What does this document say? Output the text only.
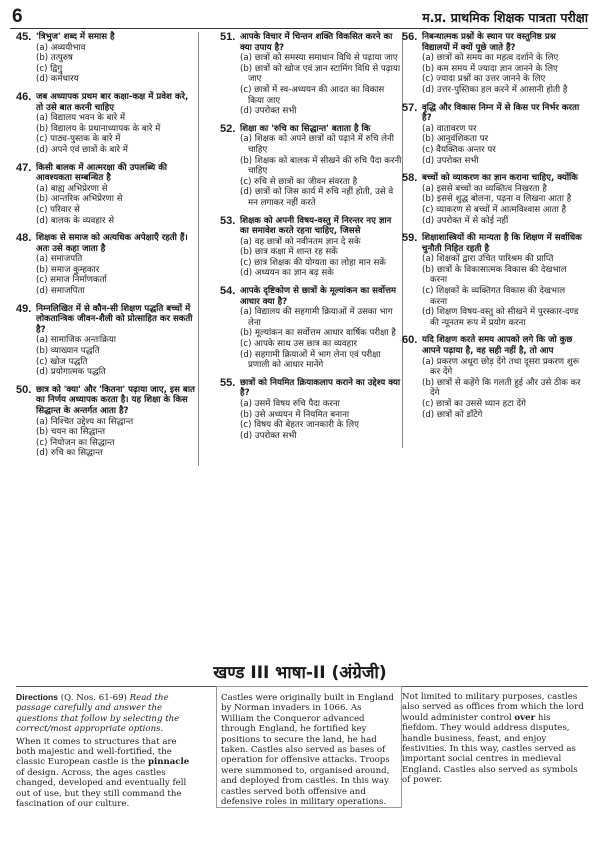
6	म.प्र. प्राथमिक शिक्षक पात्रता परीक्षा
45. 'त्रिभुज' शब्द में समास है
(a) अव्ययीभाव
(b) तत्पुरुष
(c) द्विगु
(d) कर्मधारय
46. जब अध्यापक प्रथम बार कक्षा-कक्ष में प्रवेश करे, तो उसे बात करनी चाहिए
(a) विद्यालय भवन के बारे में
(b) विद्यालय के प्रधानाध्यापक के बारे में
(c) पाठ्य-पुस्तक के बारे में
(d) अपने एवं छात्रों के बारे में
47. किसी बालक में आत्मरक्षा की उपलब्धि की आवश्यकता सम्बन्धित है
(a) बाह्य अभिप्रेरणा से
(b) आन्तरिक अभिप्रेरणा से
(c) परिवार से
(d) बालक के व्यवहार से
48. शिक्षक से समाज को अत्यधिक अपेक्षाएँ रहती हैं। अतः उसे कहा जाता है
(a) समाजपति
(b) समाज कुम्हकार
(c) समाज निर्माणकर्ता
(d) समाजपिता
49. निम्नलिखित में से कौन-सी शिक्षण पद्धति बच्चों में लोकतान्त्रिक जीवन-शैली को प्रोत्साहित कर सकती है?
(a) सामाजिक अन्तःक्रिया
(b) व्याख्यान पद्धति
(c) खोज पद्धति
(d) प्रयोगात्मक पद्धति
50. छात्र को 'क्या' और 'कितना' पढ़ाया जाए, इस बात का निर्णय अध्यापक करता है। यह शिक्षा के किस सिद्धान्त के अन्तर्गत आता है?
(a) निश्चित उद्देश्य का सिद्धान्त
(b) चयन का सिद्धान्त
(c) नियोजन का सिद्धान्त
(d) रुचि का सिद्धान्त
51. आपके विचार में चिन्तन शक्ति विकसित करने का क्या उपाय है?
(a) छात्रों को समस्या समाधान विधि से पढ़ाया जाए
(b) छात्रों को खोज एवं ज्ञान स्टामिंग विधि से पढ़ाया जाए
(c) छात्रों में स्व-अध्ययन की आदत का विकास किया जाए
(d) उपरोक्त सभी
52. शिक्षा का 'रुचि का सिद्धान्त' बताता है कि
(a) शिक्षक को अपने छात्रों को पढ़ाने में रुचि लेनी चाहिए
(b) शिक्षक को बालक में सीखने की रुचि पैदा करनी चाहिए
(c) रुचि से छात्रों का जीवन संवरता है
(d) छात्रों को जिस कार्य में रुचि नहीं होती, उसे वे मन लगाकर नहीं करते
53. शिक्षक को अपनी विषय-वस्तु में निरन्तर नए ज्ञान का समावेश करते रहना चाहिए, जिससे
(a) वह छात्रों को नवीनतम ज्ञान दे सके
(b) छात्र कक्षा में शान्त रह सकें
(c) छात्र शिक्षक की योग्यता का लोहा मान सकें
(d) अध्ययन का ज्ञान बढ़ सके
54. आपके दृष्टिकोण से छात्रों के मूल्यांकन का सर्वोत्तम आधार क्या है?
(a) विद्यालय की सहगामी क्रियाओं में उसका भाग लेना
(b) मूल्यांकन का सर्वोत्तम आधार वार्षिक परीक्षा है
(c) आपके साथ उस छात्र का व्यवहार
(d) सहगामी क्रियाओं में भाग लेना एवं परीक्षा प्रणाली को आधार मानेंगे
55. छात्रों को नियमित क्रियाकलाप कराने का उद्देश्य क्या है?
(a) उसमें विषय रुचि पैदा करना
(b) उसे अध्ययन में नियमित बनाना
(c) विषय की बेहतर जानकारी के लिए
(d) उपरोक्त सभी
56. निबन्धात्मक प्रश्नों के स्थान पर वस्तुनिष्ठ प्रश्न विद्यालयों में क्यों पूछे जाते हैं?
(a) छात्रों को समय का महत्व दर्शाने के लिए
(b) कम समय में ज्यादा ज्ञान जानने के लिए
(c) ज्यादा प्रश्नों का उत्तर जानने के लिए
(d) उत्तर-पुस्तिका हल करने में आसानी होती है
57. वृद्धि और विकास निम्न में से किस पर निर्भर करता है?
(a) वातावरण पर
(b) आनुवंशिकता पर
(c) वैयक्तिक अन्तर पर
(d) उपरोक्त सभी
58. बच्चों को व्याकरण का ज्ञान कराना चाहिए, क्योंकि
(a) इससे बच्चों का व्यक्तित्व निखरता है
(b) इससे शुद्ध बोलना, पढ़ना व लिखना आता है
(c) व्याकरण से बच्चों में आत्मविश्वास आता है
(d) उपरोक्त में से कोई नहीं
59. शिक्षाशास्त्रियों की मान्यता है कि शिक्षण में सर्वाधिक चुनौती निहित रहती है
(a) शिक्षकों द्वारा उचित पारिश्रम की प्राप्ति
(b) छात्रों के विकासात्मक विकास की देखभाल करना
(c) शिक्षकों के व्यक्तिगत विकास की देखभाल करना
(d) शिक्षण विषय-वस्तु को सीखने में पुरस्कार-दण्ड की न्यूनतम रूप में प्रयोग करना
60. यदि शिक्षण करते समय आपको लगे कि जो कुछ आपने पढ़ाया है, वह सही नहीं है, तो आप
(a) प्रकरण अधूरा छोड़ देंगे तथा दूसरा प्रकरण शुरू कर देंगे
(b) छात्रों से कहेंगे कि गलती हुई और उसे ठीक कर देंगे
(c) छात्रों का उससे ध्यान हटा देंगे
(d) छात्रों को डाँटेंगे
खण्ड III भाषा-II (अंग्रेजी)
Directions (Q. Nos. 61-69) Read the passage carefully and answer the questions that follow by selecting the correct/most appropriate options.
When it comes to structures that are both majestic and well-fortified, the classic European castle is the pinnacle of design. Across, the ages castles changed, developed and eventually fell out of use, but they still command the fascination of our culture.
Castles were originally built in England by Norman invaders in 1066. As William the Conqueror advanced through England, he fortified key positions to secure the land, he had taken. Castles also served as bases of operation for offensive attacks. Troops were summoned to, organised around, and deployed from castles. In this way castles served both offensive and defensive roles in military operations.
Not limited to military purposes, castles also served as offices from which the lord would administer control over his fiefdom. They would address disputes, handle business, feast, and enjoy festivities. In this way, castles served as important social centres in medieval England. Castles also served as symbols of power.
